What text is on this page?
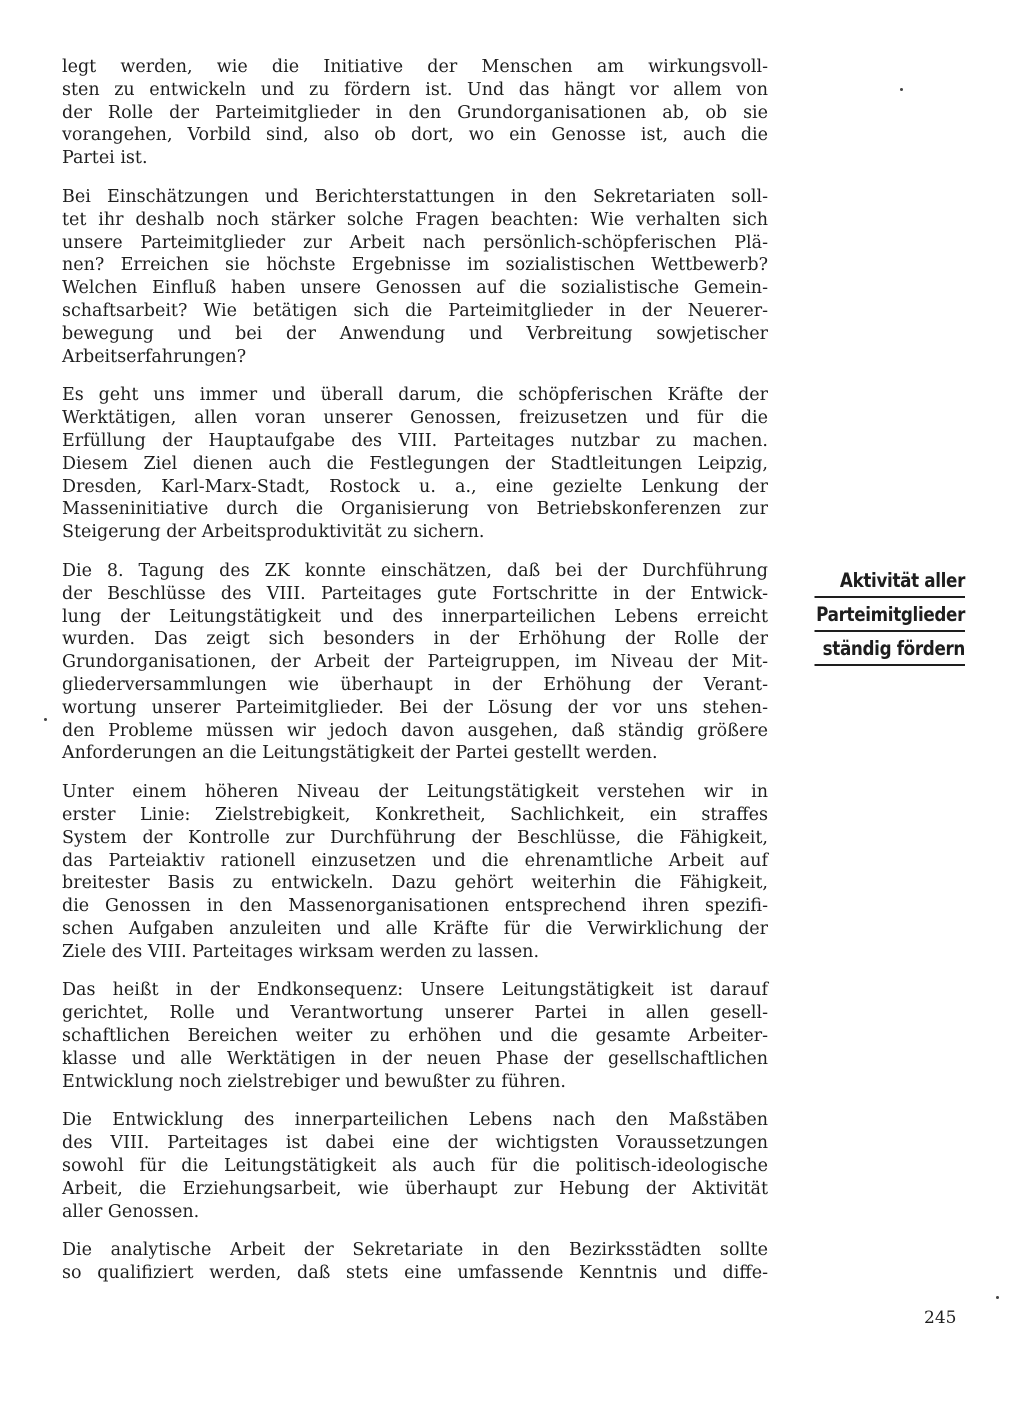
legt werden, wie die Initiative der Menschen am wirkungsvoll-
sten zu entwickeln und zu fördern ist. Und das hängt vor allem von
der Rolle der Parteimitglieder in den Grundorganisationen ab, ob sie
vorangehen, Vorbild sind, also ob dort, wo ein Genosse ist, auch die
Partei ist.

Bei Einschätzungen und Berichterstattungen in den Sekretariaten soll-
tet ihr deshalb noch stärker solche Fragen beachten: Wie verhalten sich
unsere Parteimitglieder zur Arbeit nach persönlich-schöpferischen Plä-
nen? Erreichen sie höchste Ergebnisse im sozialistischen Wettbewerb?
Welchen Einfluß haben unsere Genossen auf die sozialistische Gemein-
schaftsarbeit? Wie betätigen sich die Parteimitglieder in der Neuerer-
bewegung und bei der Anwendung und Verbreitung sowjetischer
Arbeitserfahrungen?

Es geht uns immer und überall darum, die schöpferischen Kräfte der
Werktätigen, allen voran unserer Genossen, freizusetzen und für die
Erfüllung der Hauptaufgabe des VIII. Parteitages nutzbar zu machen.
Diesem Ziel dienen auch die Festlegungen der Stadtleitungen Leipzig,
Dresden, Karl-Marx-Stadt, Rostock u. a., eine gezielte Lenkung der
Masseninitiative durch die Organisierung von Betriebskonferenzen zur
Steigerung der Arbeitsproduktivität zu sichern.

Die 8. Tagung des ZK konnte einschätzen, daß bei der Durchführung
der Beschlüsse des VIII. Parteitages gute Fortschritte in der Entwick-
lung der Leitungstätigkeit und des innerparteilichen Lebens erreicht
wurden. Das zeigt sich besonders in der Erhöhung der Rolle der
Grundorganisationen, der Arbeit der Parteigruppen, im Niveau der Mit-
gliederversammlungen wie überhaupt in der Erhöhung der Verant-
wortung unserer Parteimitglieder. Bei der Lösung der vor uns stehen-
den Probleme müssen wir jedoch davon ausgehen, daß ständig größere
Anforderungen an die Leitungstätigkeit der Partei gestellt werden.

Unter einem höheren Niveau der Leitungstätigkeit verstehen wir in
erster Linie: Zielstrebigkeit, Konkretheit, Sachlichkeit, ein straffes
System der Kontrolle zur Durchführung der Beschlüsse, die Fähigkeit,
das Parteiaktiv rationell einzusetzen und die ehrenamtliche Arbeit auf
breitester Basis zu entwickeln. Dazu gehört weiterhin die Fähigkeit,
die Genossen in den Massenorganisationen entsprechend ihren spezifi-
schen Aufgaben anzuleiten und alle Kräfte für die Verwirklichung der
Ziele des VIII. Parteitages wirksam werden zu lassen.

Das heißt in der Endkonsequenz: Unsere Leitungstätigkeit ist darauf
gerichtet, Rolle und Verantwortung unserer Partei in allen gesell-
schaftlichen Bereichen weiter zu erhöhen und die gesamte Arbeiter-
klasse und alle Werktätigen in der neuen Phase der gesellschaftlichen
Entwicklung noch zielstrebiger und bewußter zu führen.

Die Entwicklung des innerparteilichen Lebens nach den Maßstäben
des VIII. Parteitages ist dabei eine der wichtigsten Voraussetzungen
sowohl für die Leitungstätigkeit als auch für die politisch-ideologische
Arbeit, die Erziehungsarbeit, wie überhaupt zur Hebung der Aktivität
aller Genossen.

Die analytische Arbeit der Sekretariate in den Bezirksstädten sollte
so qualifiziert werden, daß stets eine umfassende Kenntnis und diffe-

Aktivität aller
Parteimitglieder
ständig fördern
245
